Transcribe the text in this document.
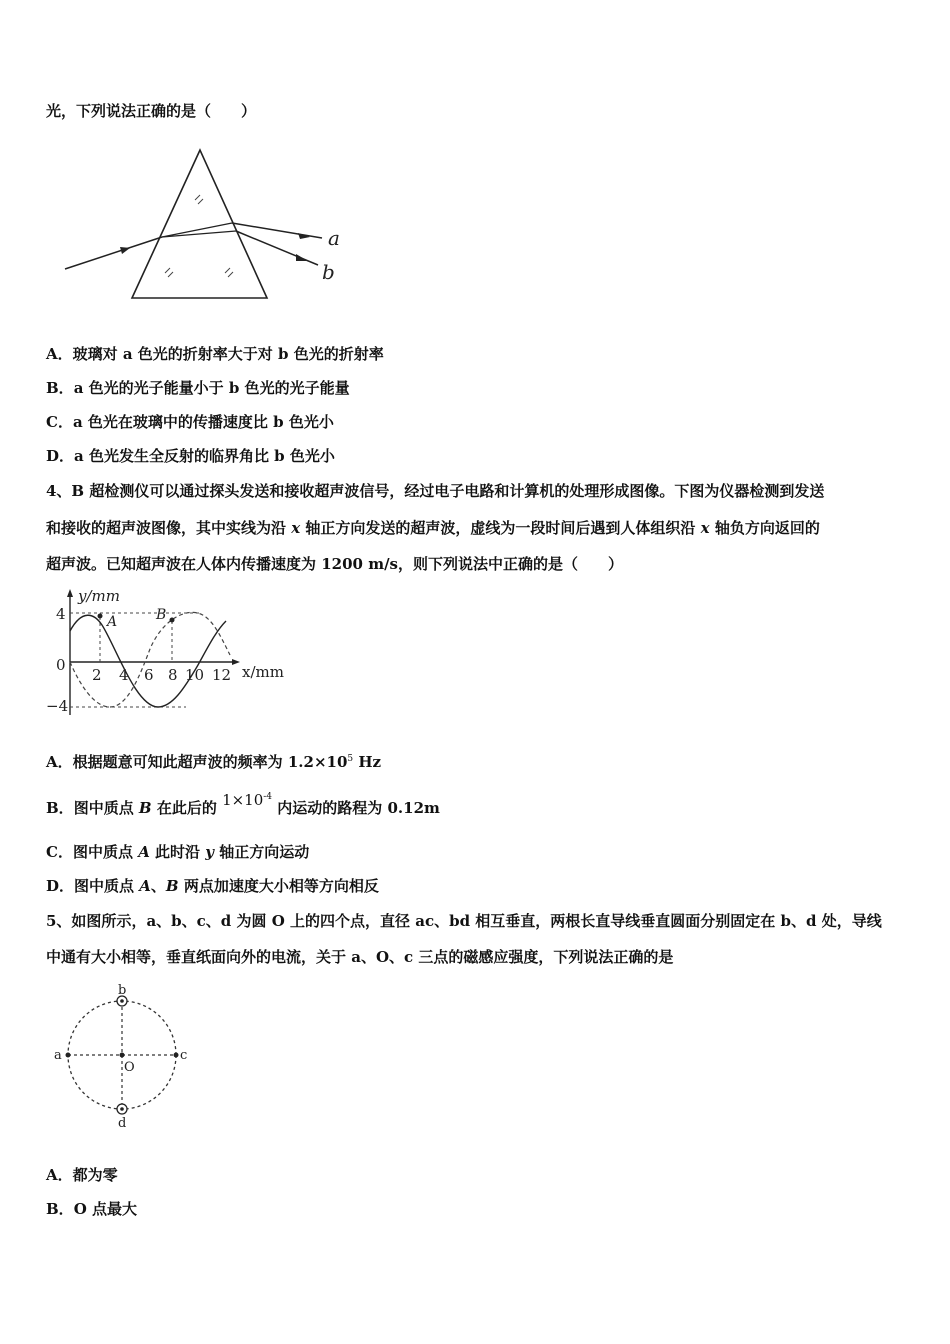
光，下列说法正确的是（　　）
a
b
A．玻璃对 a 色光的折射率大于对 b 色光的折射率
B．a 色光的光子能量小于 b 色光的光子能量
C．a 色光在玻璃中的传播速度比 b 色光小
D．a 色光发生全反射的临界角比 b 色光小
4、B 超检测仪可以通过探头发送和接收超声波信号，经过电子电路和计算机的处理形成图像。下图为仪器检测到发送
和接收的超声波图像，其中实线为沿 x 轴正方向发送的超声波，虚线为一段时间后遇到人体组织沿 x 轴负方向返回的
超声波。已知超声波在人体内传播速度为 1200 m/s，则下列说法中正确的是（　　）
y/mm
x/mm
4
0
−4
2 4 6 8 10 12
A	B
A．根据题意可知此超声波的频率为 $1.2\times 10^5$ Hz
B．图中质点 B 在此后的 $1\times 10^{-4}$ 内运动的路程为 0.12m
C．图中质点 A 此时沿 y 轴正方向运动
D．图中质点 A、B 两点加速度大小相等方向相反
5、如图所示，a、b、c、d 为圆 O 上的四个点，直径 ac、bd 相互垂直，两根长直导线垂直圆面分别固定在 b、d 处，导线
中通有大小相等，垂直纸面向外的电流，关于 a、O、c 三点的磁感应强度，下列说法正确的是
a
b
c
d
O
A．都为零
B．O 点最大
